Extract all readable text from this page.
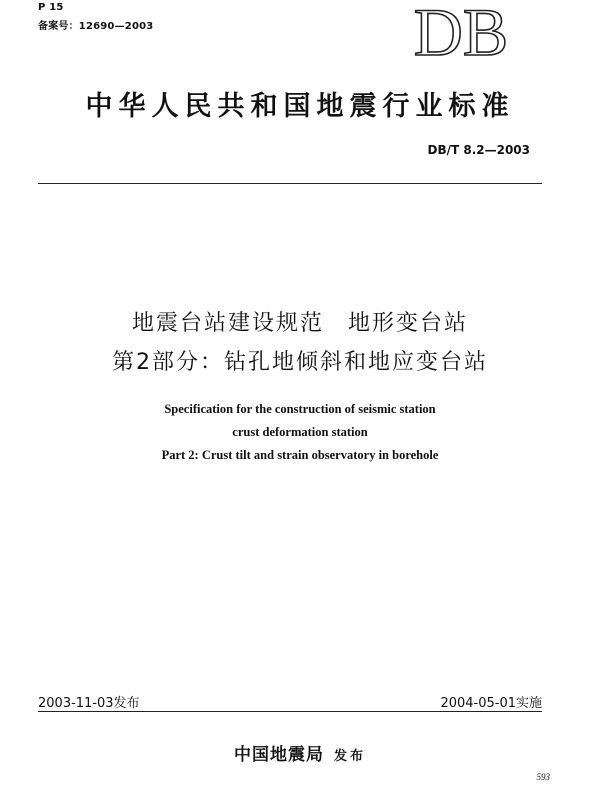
P 15
备案号：12690—2003	DB
中华人民共和国地震行业标准
DB/T 8.2—2003
地震台站建设规范　地形变台站
第2部分：钻孔地倾斜和地应变台站
Specification for the construction of seismic station
crust deformation station
Part 2: Crust tilt and strain observatory in borehole
2003-11-03发布	2004-05-01实施
中国地震局 发布
593
